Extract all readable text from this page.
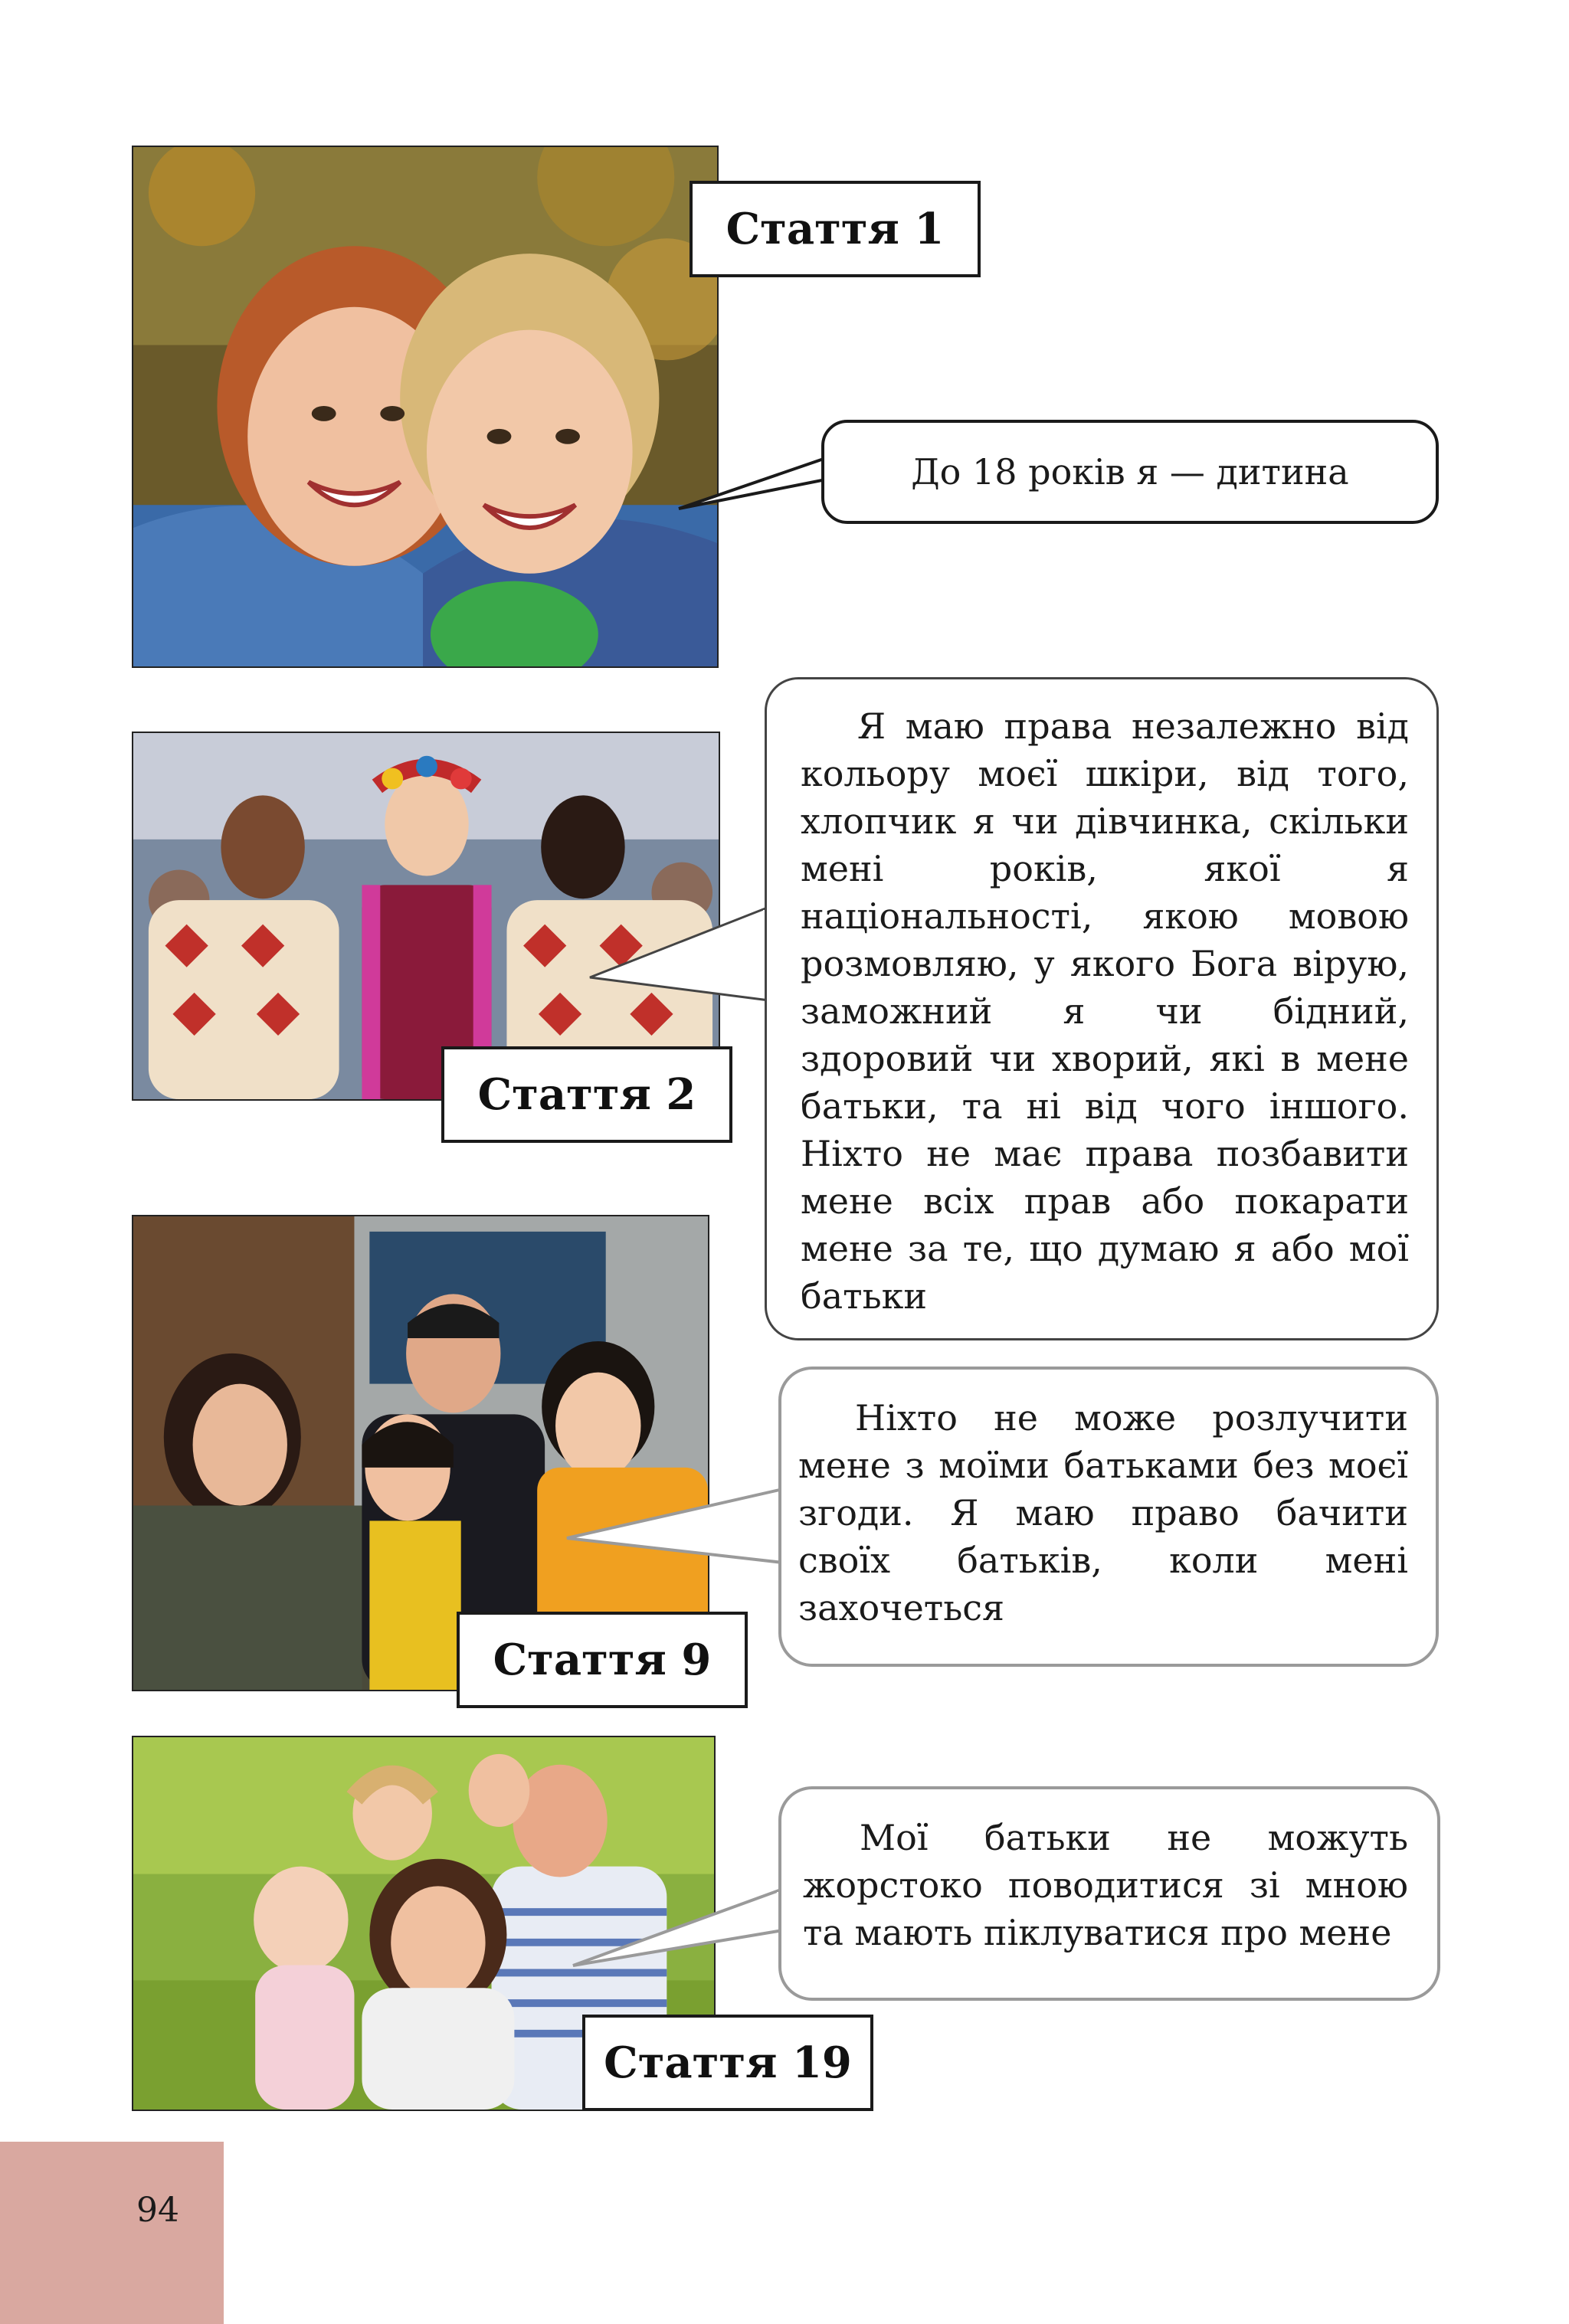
Стаття 1
Стаття 2
Стаття 9
Стаття 19
До 18 років я — дитина
Я маю права незалежно від кольору моєї шкіри, від того, хлопчик я чи дівчинка, скільки мені років, якої я національності, якою мовою розмовляю, у якого Бога вірую, заможний я чи бідний, здоровий чи хворий, які в мене батьки, та ні від чого іншого. Ніхто не має права позбавити мене всіх прав або покарати мене за те, що думаю я або мої батьки
Ніхто не може розлучити мене з моїми батьками без моєї згоди. Я маю право бачити своїх батьків, коли мені захочеться
Мої батьки не можуть жорстоко поводитися зі мною та мають піклуватися про мене
94
